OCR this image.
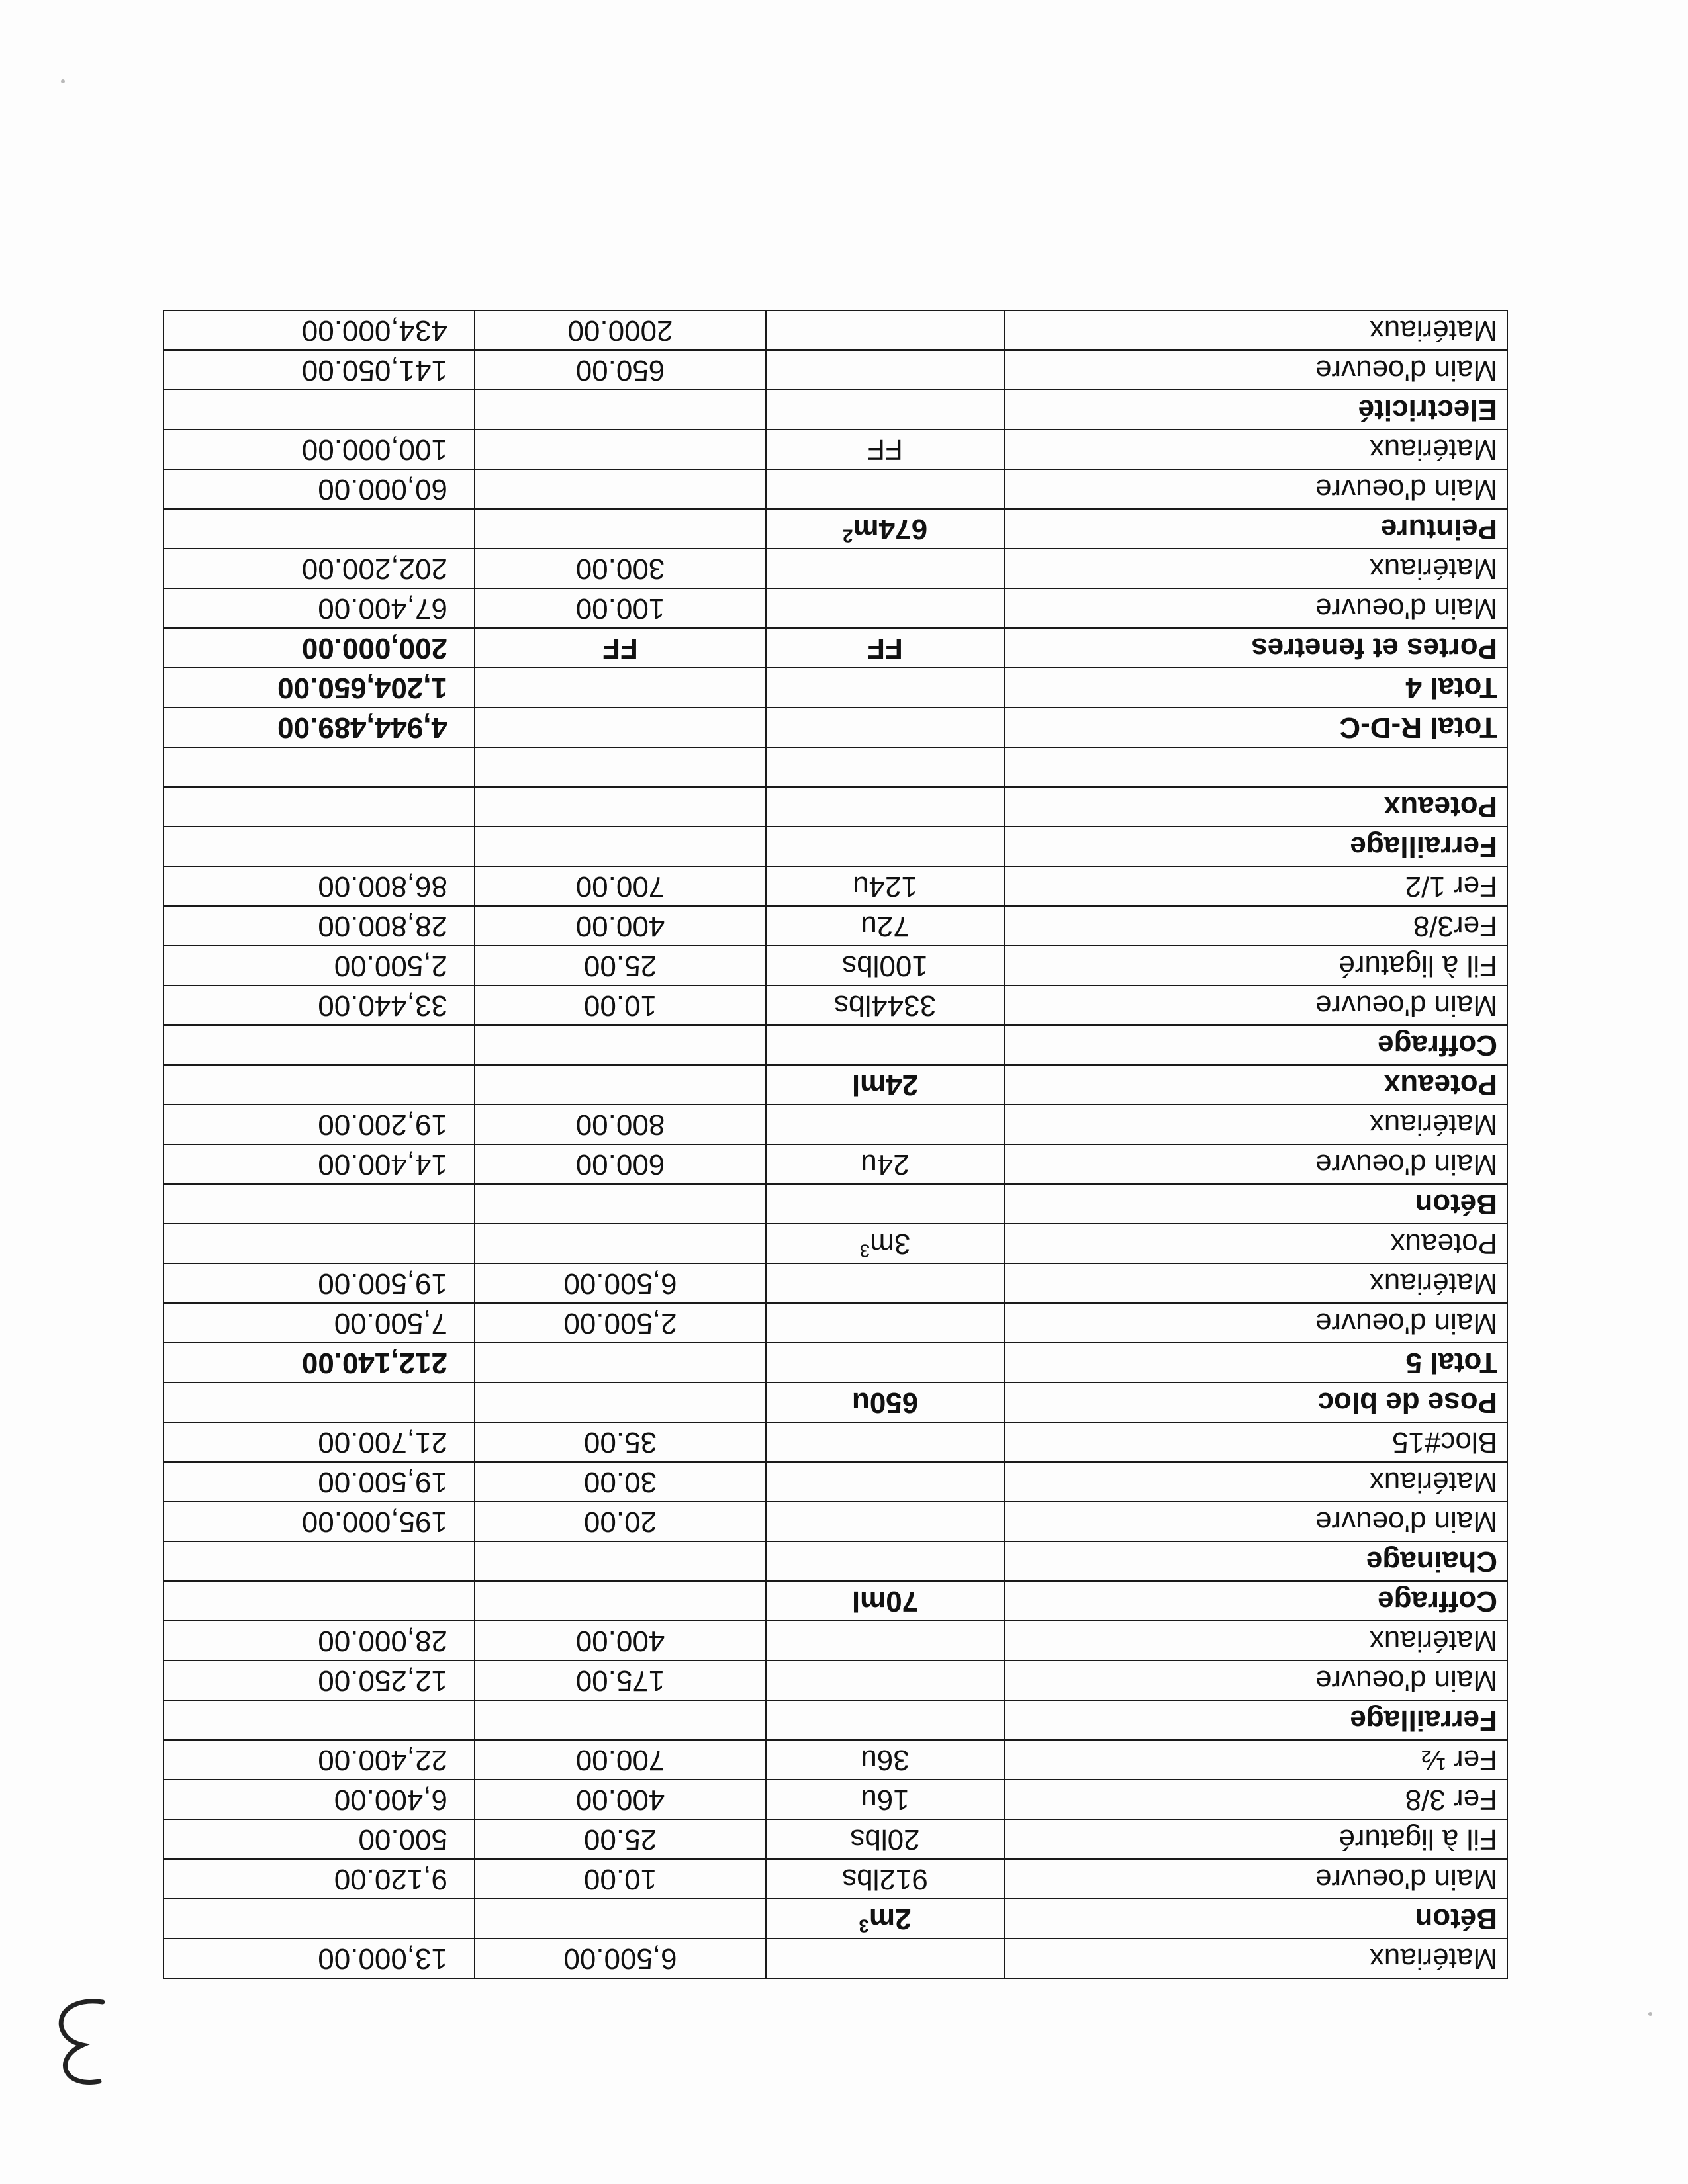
Matériaux		6,500.00	13,000.00
Béton	$2m^3$		
Main d'oeuvre	912lbs	10.00	9,120.00
Fil à ligaturé	20lbs	25.00	500.00
Fer 3/8	16u	400.00	6,400.00
Fer ½	36u	700.00	22,400.00
Ferraillage			
Main d'oeuvre		175.00	12,250.00
Matériaux		400.00	28,000.00
Coffrage	70ml		
Chainage			
Main d'oeuvre		20.00	195,000.00
Matériaux		30.00	19,500.00
Bloc#15		35.00	21,700.00
Pose de bloc	650u		
Total 5			212,140.00
Main d'oeuvre		2,500.00	7,500.00
Matériaux		6,500.00	19,500.00
Poteaux	$3m^3$		
Béton			
Main d'oeuvre	24u	600.00	14,400.00
Matériaux		800.00	19,200.00
Poteaux	24ml		
Coffrage			
Main d'oeuvre	3344lbs	10.00	33,440.00
Fil à ligaturé	100lbs	25.00	2,500.00
Fer3/8	72u	400.00	28,800.00
Fer 1/2	124u	700.00	86,800.00
Ferraillage			
Poteaux			

Total R-D-C			4,944,489.00
Total 4			1,204,650.00
Portes et fenetres	FF	FF	200,000.00
Main d'oeuvre		100.00	67,400.00
Matériaux		300.00	202,200.00
Peinture	$674m^2$		
Main d'oeuvre			60,000.00
Matériaux	FF		100,000.00
Electricité			
Main d'oeuvre		650.00	141,050.00
Matériaux		2000.00	434,000.00
